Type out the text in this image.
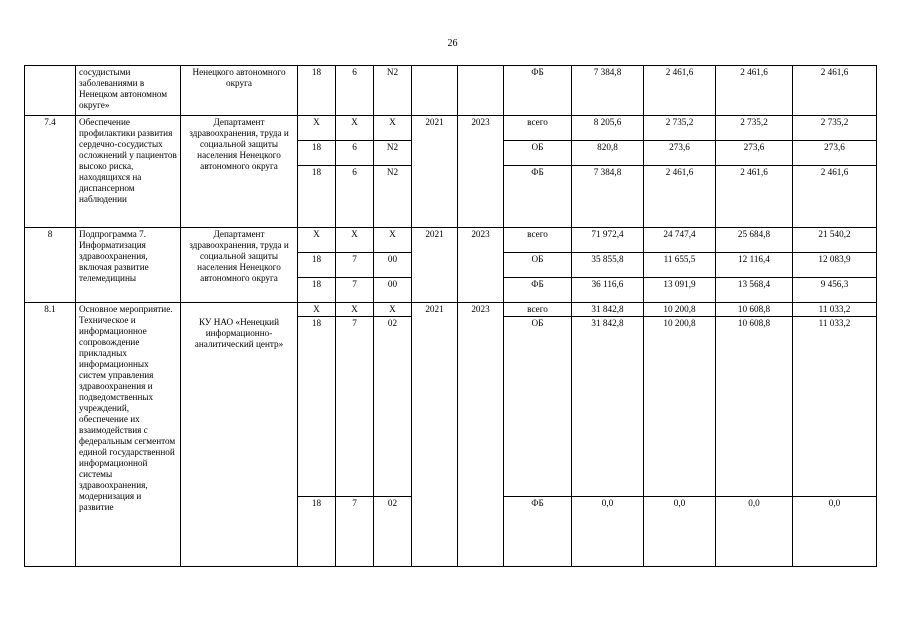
26
	сосудистыми заболеваниями в Ненецком автономном округе»	Ненецкого автономного округа	18	6	N2			ФБ	7 384,8	2 461,6	2 461,6	2 461,6
7.4	Обеспечение профилактики развития сердечно-сосудистых осложнений у пациентов высоко риска, находящихся на диспансерном наблюдении	Департамент здравоохранения, труда и социальной защиты населения Ненецкого автономного округа	Х	Х	Х	2021	2023	всего	8 205,6	2 735,2	2 735,2	2 735,2
			18	6	N2			ОБ	820,8	273,6	273,6	273,6
			18	6	N2			ФБ	7 384,8	2 461,6	2 461,6	2 461,6
8	Подпрограмма 7. Информатизация здравоохранения, включая развитие телемедицины	Департамент здравоохранения, труда и социальной защиты населения Ненецкого автономного округа	Х	Х	Х	2021	2023	всего	71 972,4	24 747,4	25 684,8	21 540,2
			18	7	00			ОБ	35 855,8	11 655,5	12 116,4	12 083,9
			18	7	00			ФБ	36 116,6	13 091,9	13 568,4	9 456,3
8.1	Основное мероприятие. Техническое и информационное сопровождение прикладных информационных систем управления здравоохранения и подведомственных учреждений, обеспечение их взаимодействия с федеральным сегментом единой государственной информационной системы здравоохранения, модернизация и развитие	КУ НАО «Ненецкий информационно-аналитический центр»	Х	Х	Х	2021	2023	всего	31 842,8	10 200,8	10 608,8	11 033,2
			18	7	02			ОБ	31 842,8	10 200,8	10 608,8	11 033,2
			18	7	02			ФБ	0,0	0,0	0,0	0,0
